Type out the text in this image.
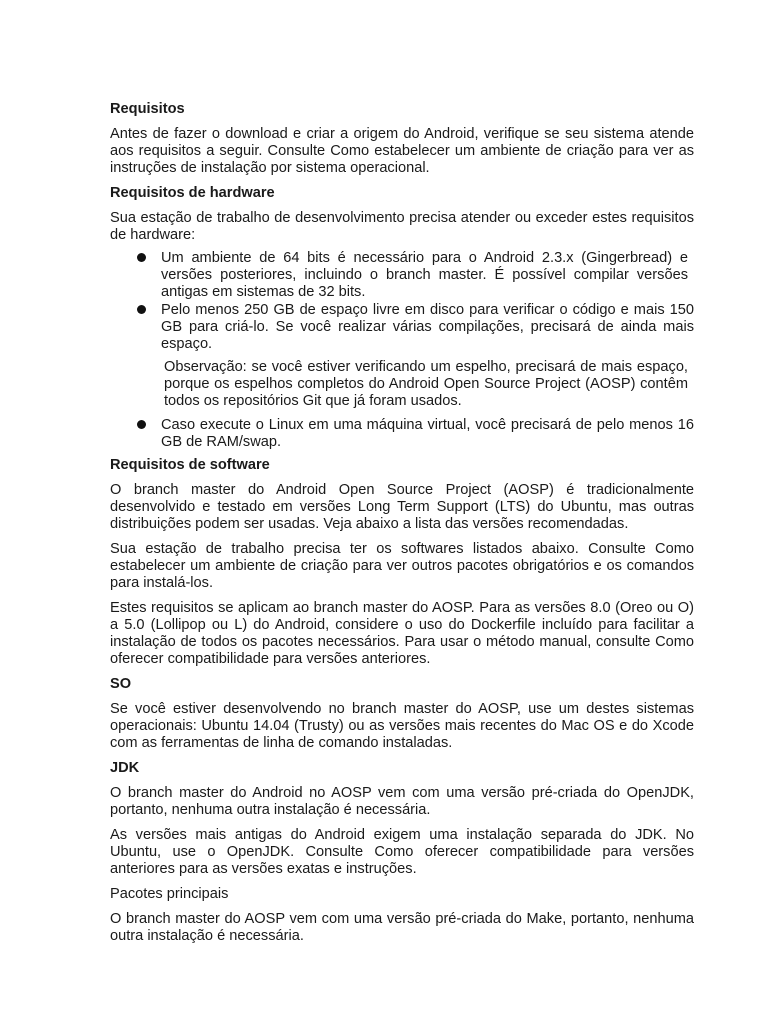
Requisitos

Antes de fazer o download e criar a origem do Android, verifique se seu sistema atende aos requisitos a seguir. Consulte Como estabelecer um ambiente de criação para ver as instruções de instalação por sistema operacional.

Requisitos de hardware

Sua estação de trabalho de desenvolvimento precisa atender ou exceder estes requisitos de hardware:

Um ambiente de 64 bits é necessário para o Android 2.3.x (Gingerbread) e versões posteriores, incluindo o branch master. É possível compilar versões antigas em sistemas de 32 bits.
Pelo menos 250 GB de espaço livre em disco para verificar o código e mais 150 GB para criá-lo. Se você realizar várias compilações, precisará de ainda mais espaço.

Observação: se você estiver verificando um espelho, precisará de mais espaço, porque os espelhos completos do Android Open Source Project (AOSP) contêm todos os repositórios Git que já foram usados.

Caso execute o Linux em uma máquina virtual, você precisará de pelo menos 16 GB de RAM/swap.
Requisitos de software

O branch master do Android Open Source Project (AOSP) é tradicionalmente desenvolvido e testado em versões Long Term Support (LTS) do Ubuntu, mas outras distribuições podem ser usadas. Veja abaixo a lista das versões recomendadas.

Sua estação de trabalho precisa ter os softwares listados abaixo. Consulte Como estabelecer um ambiente de criação para ver outros pacotes obrigatórios e os comandos para instalá-los.

Estes requisitos se aplicam ao branch master do AOSP. Para as versões 8.0 (Oreo ou O) a 5.0 (Lollipop ou L) do Android, considere o uso do Dockerfile incluído para facilitar a instalação de todos os pacotes necessários. Para usar o método manual, consulte Como oferecer compatibilidade para versões anteriores.

SO

Se você estiver desenvolvendo no branch master do AOSP, use um destes sistemas operacionais: Ubuntu 14.04 (Trusty) ou as versões mais recentes do Mac OS e do Xcode com as ferramentas de linha de comando instaladas.

JDK

O branch master do Android no AOSP vem com uma versão pré-criada do OpenJDK, portanto, nenhuma outra instalação é necessária.

As versões mais antigas do Android exigem uma instalação separada do JDK. No Ubuntu, use o OpenJDK. Consulte Como oferecer compatibilidade para versões anteriores para as versões exatas e instruções.

Pacotes principais

O branch master do AOSP vem com uma versão pré-criada do Make, portanto, nenhuma outra instalação é necessária.
